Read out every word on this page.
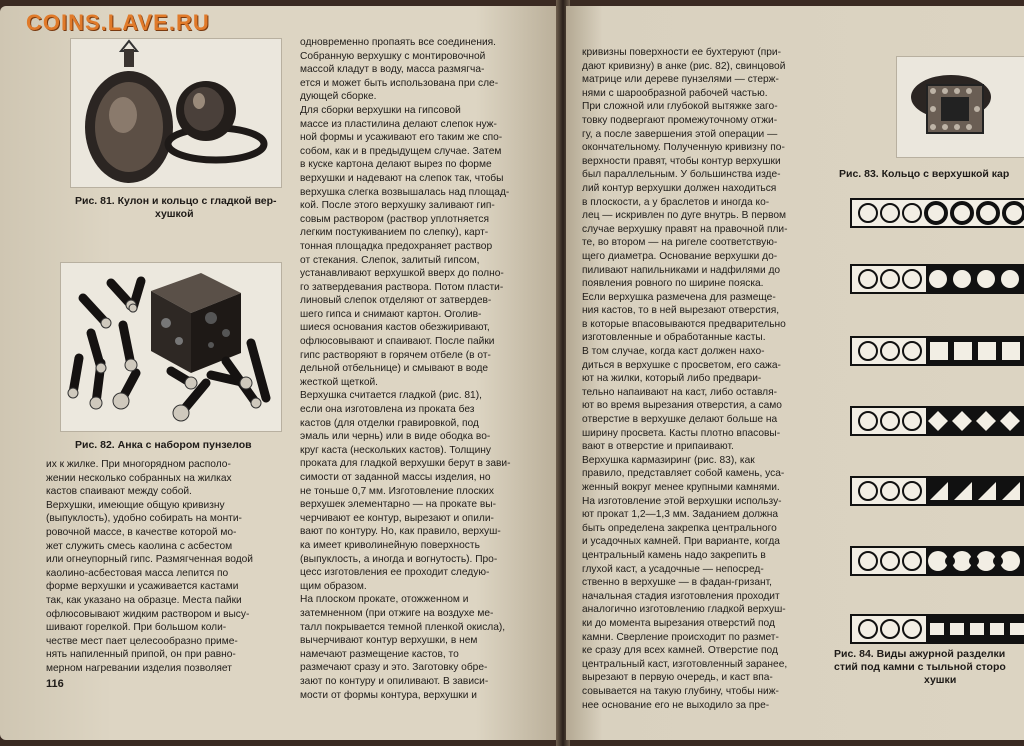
Рис. 81. Кулон и кольцо с гладкой вер-
хушкой
Рис. 82. Анка с набором пунзелов
их к жилке. При многорядном располо-
жении несколько собранных на жилках
кастов спаивают между собой.
Верхушки, имеющие общую кривизну
(выпуклость), удобно собирать на монти-
ровочной массе, в качестве которой мо-
жет служить смесь каолина с асбестом
или огнеупорный гипс. Размягченная водой
каолино-асбестовая масса лепится по
форме верхушки и усаживается кастами
так, как указано на образце. Места пайки
офлюсовывают жидким раствором и высу-
шивают горелкой. При большом коли-
честве мест пает целесообразно приме-
нять напиленный припой, он при равно-
мерном нагревании изделия позволяет
одновременно пропаять все соединения.
Собранную верхушку с монтировочной
массой кладут в воду, масса размягча-
ется и может быть использована при сле-
дующей сборке.
Для сборки верхушки на гипсовой
массе из пластилина делают слепок нуж-
ной формы и усаживают его таким же спо-
собом, как и в предыдущем случае. Затем
в куске картона делают вырез по форме
верхушки и надевают на слепок так, чтобы
верхушка слегка возвышалась над площад-
кой. После этого верхушку заливают гип-
совым раствором (раствор уплотняется
легким постукиванием по слепку), карт-
тонная площадка предохраняет раствор
от стекания. Слепок, залитый гипсом,
устанавливают верхушкой вверх до полно-
го затвердевания раствора. Потом пласти-
линовый слепок отделяют от затвердев-
шего гипса и снимают картон. Оголив-
шиеся основания кастов обезжиривают,
офлюсовывают и спаивают. После пайки
гипс растворяют в горячем отбеле (в от-
дельной отбельнице) и смывают в воде
жесткой щеткой.
Верхушка считается гладкой (рис. 81),
если она изготовлена из проката без
кастов (для отделки гравировкой, под
эмаль или чернь) или в виде ободка во-
круг каста (нескольких кастов). Толщину
проката для гладкой верхушки берут в зави-
симости от заданной массы изделия, но
не тоньше 0,7 мм. Изготовление плоских
верхушек элементарно — на прокате вы-
черчивают ее контур, вырезают и опили-
вают по контуру. Но, как правило, верхуш-
ка имеет криволинейную поверхность
(выпуклость, а иногда и вогнутость). Про-
цесс изготовления ее проходит следую-
щим образом.
На плоском прокате, отожженном и
затемненном (при отжиге на воздухе ме-
талл покрывается темной пленкой окисла),
вычерчивают контур верхушки, в нем
намечают размещение кастов, то
размечают сразу и это. Заготовку обре-
зают по контуру и опиливают. В зависи-
мости от формы контура, верхушки и
116
кривизны поверхности ее бухтеруют (при-
дают кривизну) в анке (рис. 82), свинцовой
матрице или дереве пунзелями — стерж-
нями с шарообразной рабочей частью.
При сложной или глубокой вытяжке заго-
товку подвергают промежуточному отжи-
гу, а после завершения этой операции —
окончательному. Полученную кривизну по-
верхности правят, чтобы контур верхушки
был параллельным. У большинства изде-
лий контур верхушки должен находиться
в плоскости, а у браслетов и иногда ко-
лец — искривлен по дуге внутрь. В первом
случае верхушку правят на правочной пли-
те, во втором — на ригеле соответствую-
щего диаметра. Основание верхушки до-
пиливают напильниками и надфилями до
появления ровного по ширине пояска.
Если верхушка размечена для размеще-
ния кастов, то в ней вырезают отверстия,
в которые впасовываются предварительно
изготовленные и обработанные касты.
В том случае, когда каст должен нахо-
диться в верхушке с просветом, его сажа-
ют на жилки, который либо предвари-
тельно напаивают на каст, либо оставля-
ют во время вырезания отверстия, а само
отверстие в верхушке делают больше на
ширину просвета. Касты плотно впасовы-
вают в отверстие и припаивают.
Верхушка кармазиринг (рис. 83), как
правило, представляет собой камень, усa-
женный вокруг менее крупными камнями.
На изготовление этой верхушки использу-
ют прокат 1,2—1,3 мм. Заданием должна
быть определена закрепка центрального
и усадочных камней. При варианте, когда
центральный камень надо закрепить в
глухой каст, а усадочные — непосред-
ственно в верхушке — в фадан-гризант,
начальная стадия изготовления проходит
аналогично изготовлению гладкой верхуш-
ки до момента вырезания отверстий под
камни. Сверление происходит по размет-
ке сразу для всех камней. Отверстие под
центральный каст, изготовленный заранее,
вырезают в первую очередь, и каст впа-
совывается на такую глубину, чтобы ниж-
нее основание его не выходило за пре-
Рис. 83. Кольцо с верхушкой кар
Рис. 84. Виды ажурной разделки
стий под камни с тыльной сторо
хушки
COINS.LAVE.RU
